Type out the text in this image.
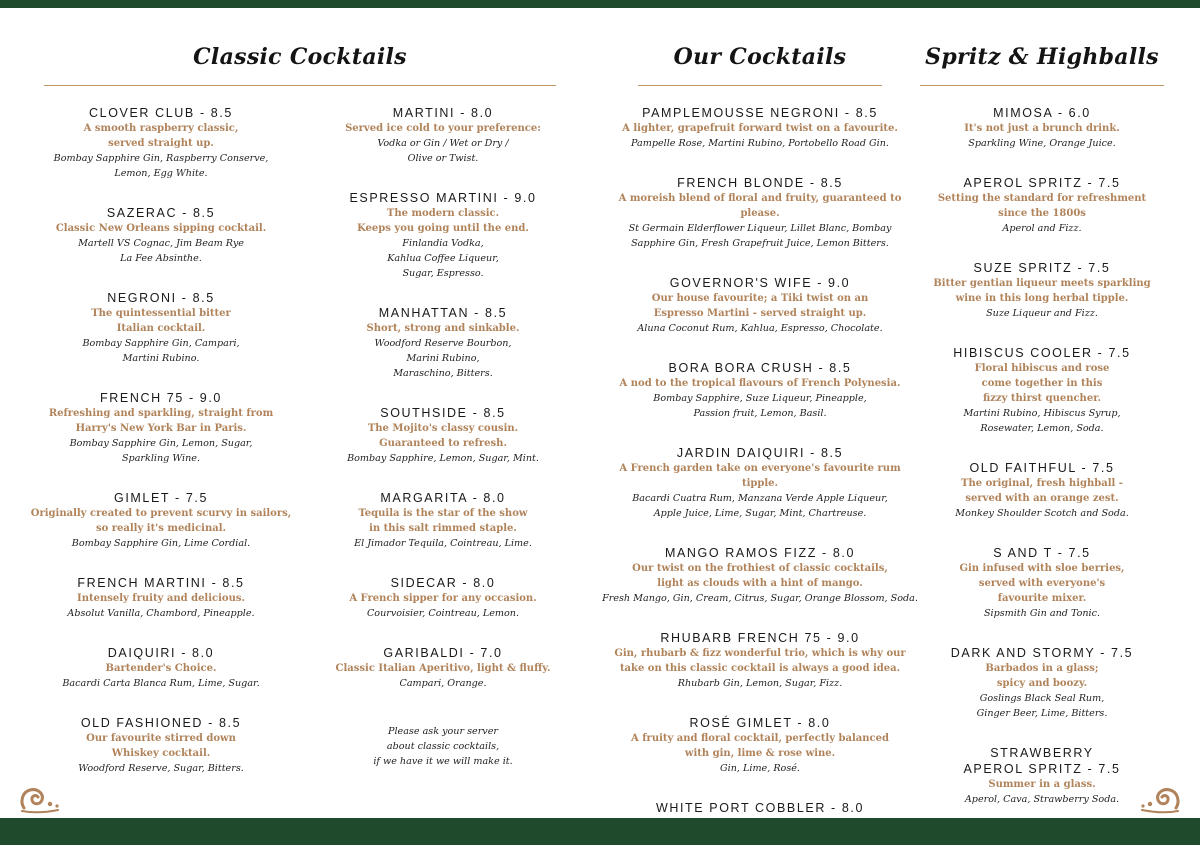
Classic Cocktails	Our Cocktails	Spritz & Highballs
CLOVER CLUB - 8.5
A smooth raspberry classic,
served straight up.
Bombay Sapphire Gin, Raspberry Conserve,
Lemon, Egg White.
SAZERAC - 8.5
Classic New Orleans sipping cocktail.
Martell VS Cognac, Jim Beam Rye
La Fee Absinthe.
NEGRONI - 8.5
The quintessential bitter
Italian cocktail.
Bombay Sapphire Gin, Campari,
Martini Rubino.
FRENCH 75 - 9.0
Refreshing and sparkling, straight from
Harry's New York Bar in Paris.
Bombay Sapphire Gin, Lemon, Sugar,
Sparkling Wine.
GIMLET - 7.5
Originally created to prevent scurvy in sailors,
so really it's medicinal.
Bombay Sapphire Gin, Lime Cordial.
FRENCH MARTINI - 8.5
Intensely fruity and delicious.
Absolut Vanilla, Chambord, Pineapple.
DAIQUIRI - 8.0
Bartender's Choice.
Bacardi Carta Blanca Rum, Lime, Sugar.
OLD FASHIONED - 8.5
Our favourite stirred down
Whiskey cocktail.
Woodford Reserve, Sugar, Bitters.
MARTINI - 8.0
Served ice cold to your preference:
Vodka or Gin / Wet or Dry /
Olive or Twist.
ESPRESSO MARTINI - 9.0
The modern classic.
Keeps you going until the end.
Finlandia Vodka,
Kahlua Coffee Liqueur,
Sugar, Espresso.
MANHATTAN - 8.5
Short, strong and sinkable.
Woodford Reserve Bourbon,
Marini Rubino,
Maraschino, Bitters.
SOUTHSIDE - 8.5
The Mojito's classy cousin.
Guaranteed to refresh.
Bombay Sapphire, Lemon, Sugar, Mint.
MARGARITA - 8.0
Tequila is the star of the show
in this salt rimmed staple.
El Jimador Tequila, Cointreau, Lime.
SIDECAR - 8.0
A French sipper for any occasion.
Courvoisier, Cointreau, Lemon.
GARIBALDI - 7.0
Classic Italian Aperitivo, light & fluffy.
Campari, Orange.
Please ask your server
about classic cocktails,
if we have it we will make it.
PAMPLEMOUSSE NEGRONI - 8.5
A lighter, grapefruit forward twist on a favourite.
Pampelle Rose, Martini Rubino, Portobello Road Gin.
FRENCH BLONDE - 8.5
A moreish blend of floral and fruity, guaranteed to please.
St Germain Elderflower Liqueur, Lillet Blanc, Bombay
Sapphire Gin, Fresh Grapefruit Juice, Lemon Bitters.
GOVERNOR'S WIFE - 9.0
Our house favourite; a Tiki twist on an
Espresso Martini - served straight up.
Aluna Coconut Rum, Kahlua, Espresso, Chocolate.
BORA BORA CRUSH - 8.5
A nod to the tropical flavours of French Polynesia.
Bombay Sapphire, Suze Liqueur, Pineapple,
Passion fruit, Lemon, Basil.
JARDIN DAIQUIRI - 8.5
A French garden take on everyone's favourite rum tipple.
Bacardi Cuatra Rum, Manzana Verde Apple Liqueur,
Apple Juice, Lime, Sugar, Mint, Chartreuse.
MANGO RAMOS FIZZ - 8.0
Our twist on the frothiest of classic cocktails,
light as clouds with a hint of mango.
Fresh Mango, Gin, Cream, Citrus, Sugar, Orange Blossom, Soda.
RHUBARB FRENCH 75 - 9.0
Gin, rhubarb & fizz wonderful trio, which is why our
take on this classic cocktail is always a good idea.
Rhubarb Gin, Lemon, Sugar, Fizz.
ROSÉ GIMLET - 8.0
A fruity and floral cocktail, perfectly balanced
with gin, lime & rose wine.
Gin, Lime, Rosé.
WHITE PORT COBBLER - 8.0
MIMOSA - 6.0
It's not just a brunch drink.
Sparkling Wine, Orange Juice.
APEROL SPRITZ - 7.5
Setting the standard for refreshment
since the 1800s
Aperol and Fizz.
SUZE SPRITZ - 7.5
Bitter gentian liqueur meets sparkling
wine in this long herbal tipple.
Suze Liqueur and Fizz.
HIBISCUS COOLER - 7.5
Floral hibiscus and rose
come together in this
fizzy thirst quencher.
Martini Rubino, Hibiscus Syrup,
Rosewater, Lemon, Soda.
OLD FAITHFUL - 7.5
The original, fresh highball -
served with an orange zest.
Monkey Shoulder Scotch and Soda.
S AND T - 7.5
Gin infused with sloe berries,
served with everyone's
favourite mixer.
Sipsmith Gin and Tonic.
DARK AND STORMY - 7.5
Barbados in a glass;
spicy and boozy.
Goslings Black Seal Rum,
Ginger Beer, Lime, Bitters.
STRAWBERRY
APEROL SPRITZ - 7.5
Summer in a glass.
Aperol, Cava, Strawberry Soda.
